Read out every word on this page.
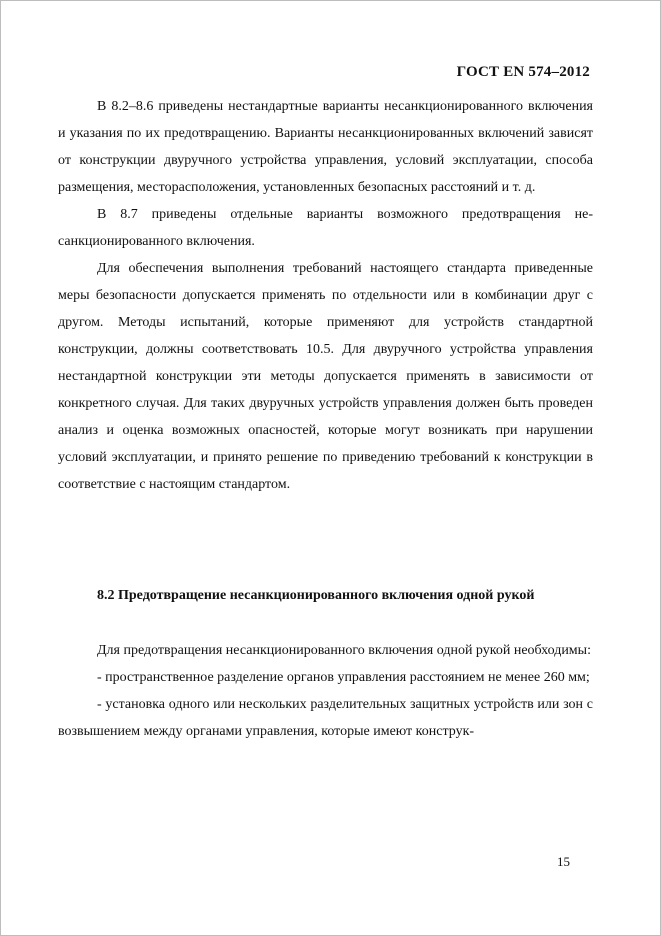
ГОСТ EN 574–2012

В 8.2–8.6 приведены нестандартные варианты несанкционированного включения и указания по их предотвращению. Варианты несанкционированных включений зависят от конструкции двуручного устройства управления, условий эксплуатации, способа размещения, месторасположения, установленных безопасных расстояний и т. д.

В 8.7 приведены отдельные варианты возможного предотвращения несанкционированного включения.

Для обеспечения выполнения требований настоящего стандарта приведенные меры безопасности допускается применять по отдельности или в комбинации друг с другом. Методы испытаний, которые применяют для устройств стандартной конструкции, должны соответствовать 10.5. Для двуручного устройства управления нестандартной конструкции эти методы допускается применять в зависимости от конкретного случая. Для таких двуручных устройств управления должен быть проведен анализ и оценка возможных опасностей, которые могут возникать при нарушении условий эксплуатации, и принято решение по приведению требований к конструкции в соответствие с настоящим стандартом.

8.2 Предотвращение несанкционированного включения одной рукой

Для предотвращения несанкционированного включения одной рукой необходимы:

- пространственное разделение органов управления расстоянием не менее 260 мм;

- установка одного или нескольких разделительных защитных устройств или зон с возвышением между органами управления, которые имеют конструк-

15
